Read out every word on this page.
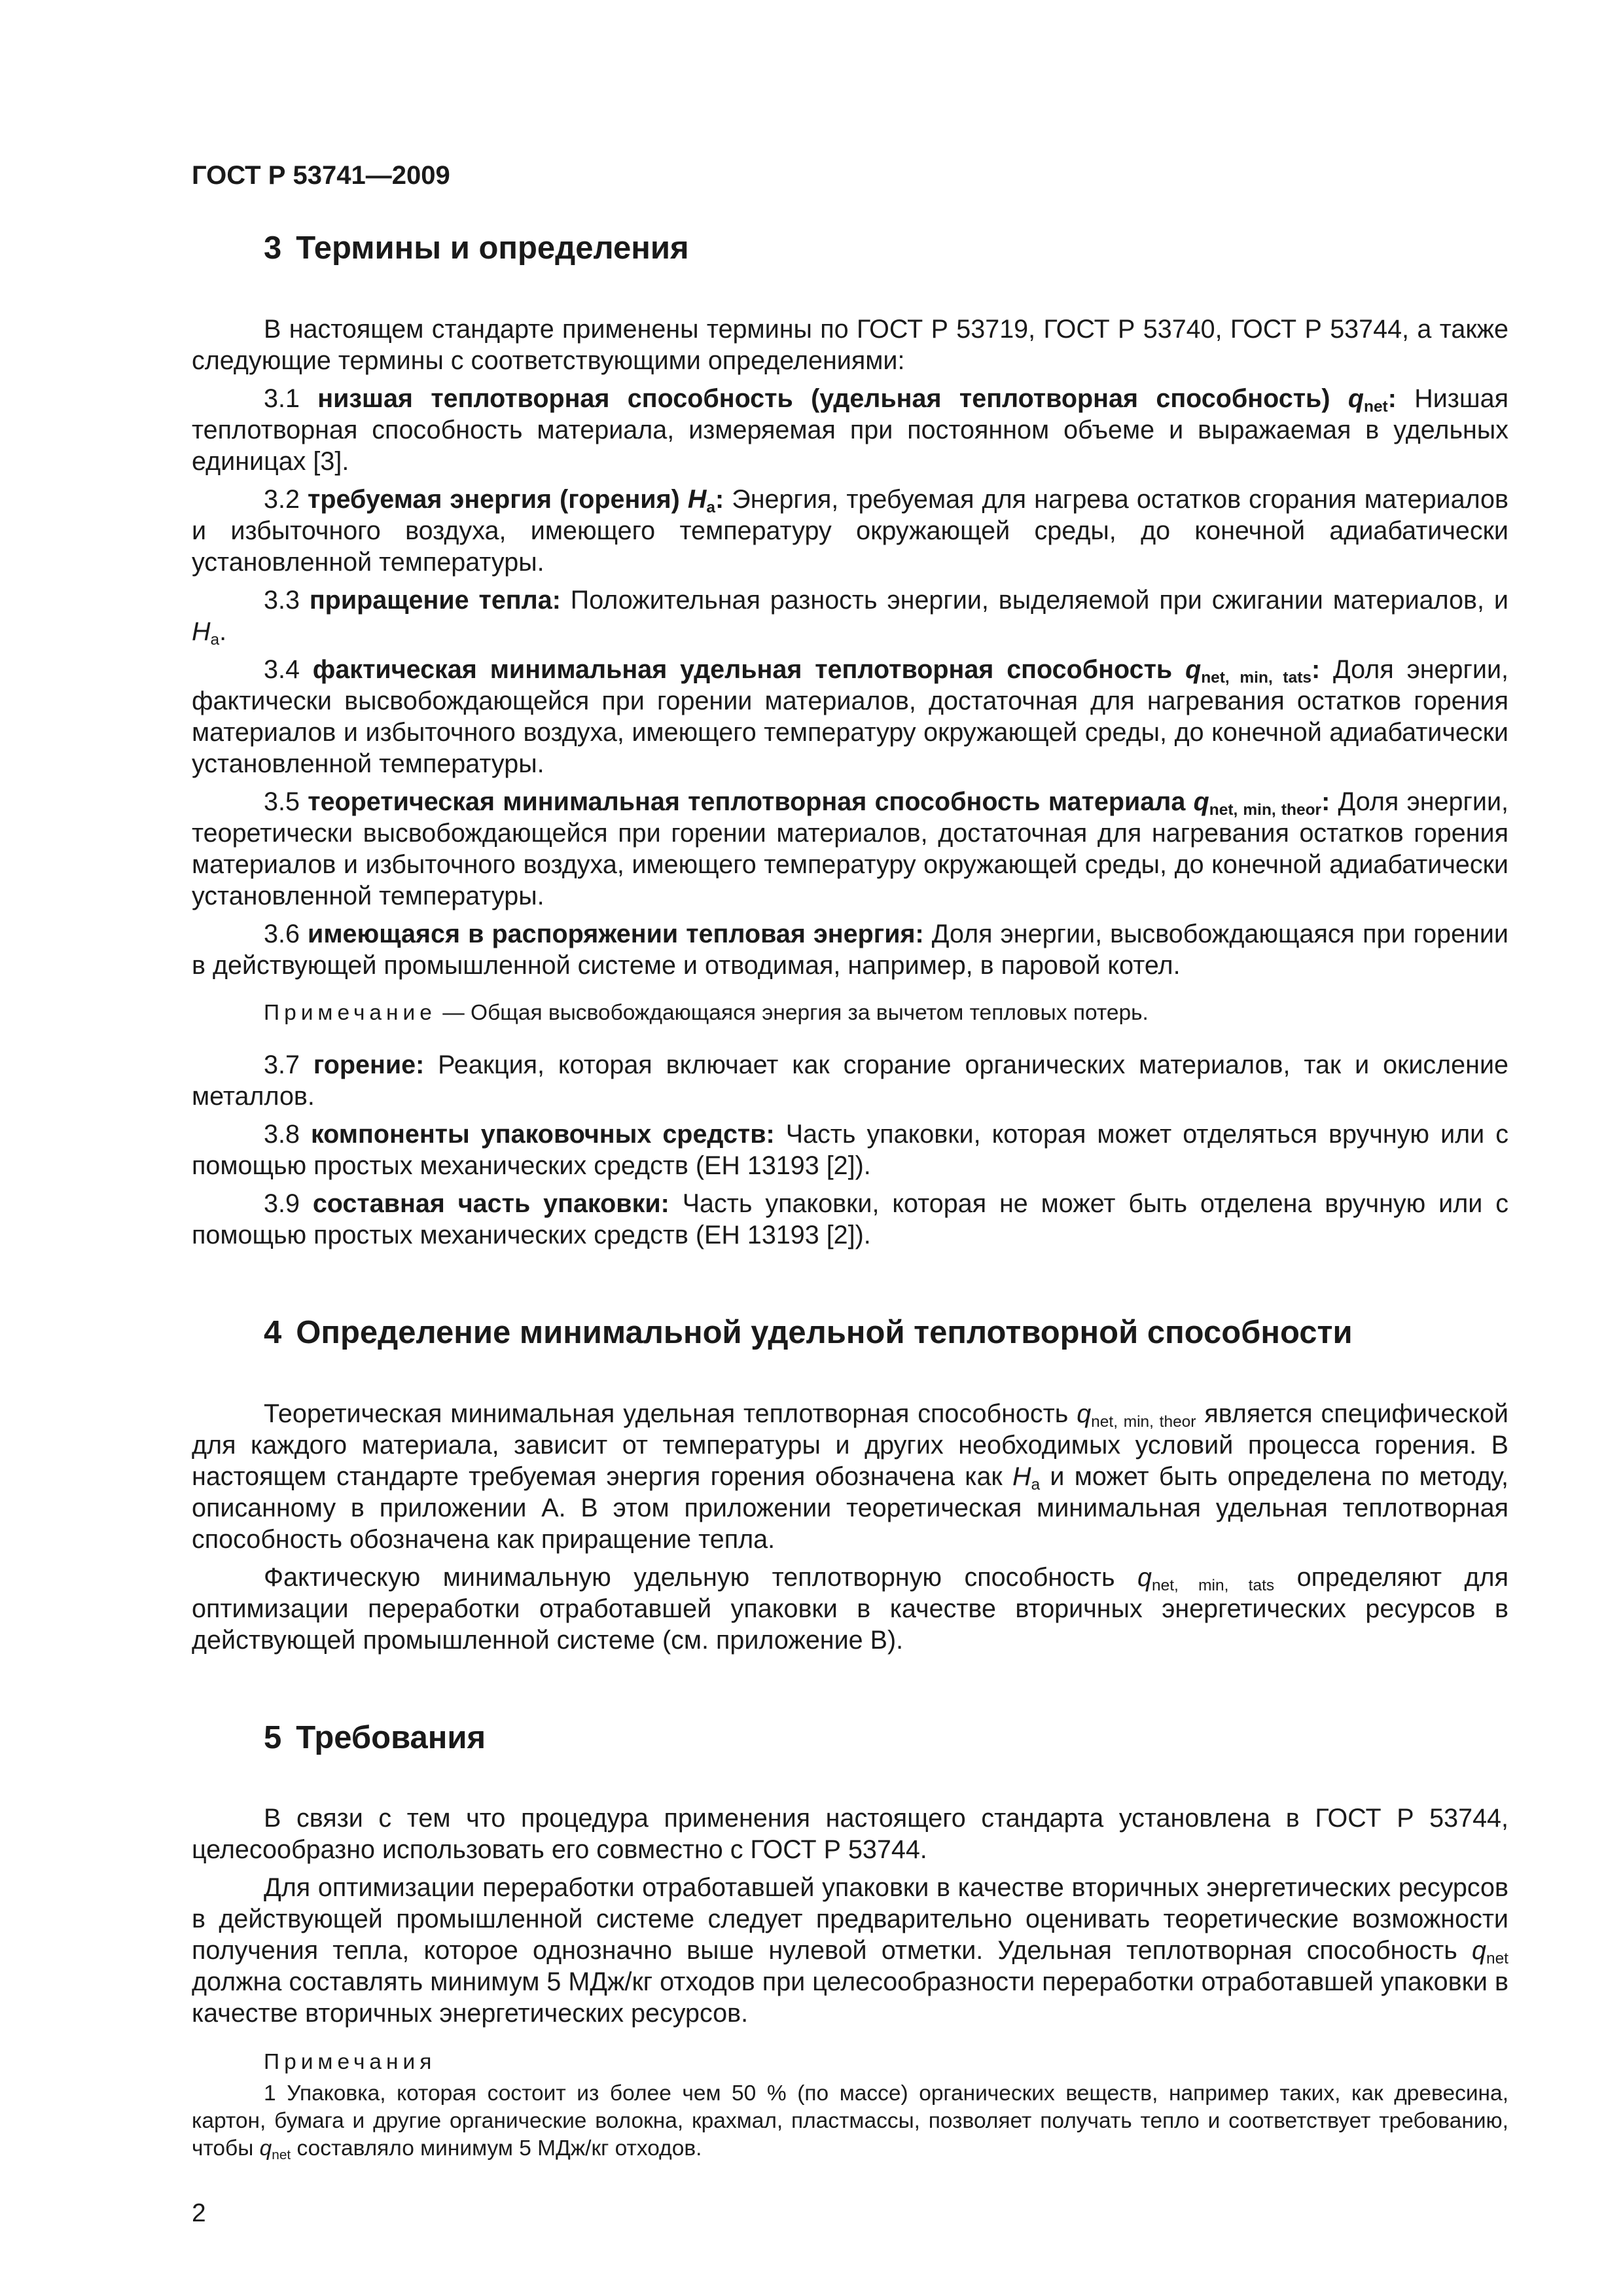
ГОСТ Р 53741—2009

3 Термины и определения

В настоящем стандарте применены термины по ГОСТ Р 53719, ГОСТ Р 53740, ГОСТ Р 53744, а также следующие термины с соответствующими определениями:

3.1 низшая теплотворная способность (удельная теплотворная способность) $q_{net}$: Низшая теплотворная способность материала, измеряемая при постоянном объеме и выражаемая в удельных единицах [3].

3.2 требуемая энергия (горения) $H_a$: Энергия, требуемая для нагрева остатков сгорания материалов и избыточного воздуха, имеющего температуру окружающей среды, до конечной адиабатически установленной температуры.

3.3 приращение тепла: Положительная разность энергии, выделяемой при сжигании материалов, и $H_a$.

3.4 фактическая минимальная удельная теплотворная способность $q_{net, min, tats}$: Доля энергии, фактически высвобождающейся при горении материалов, достаточная для нагревания остатков горения материалов и избыточного воздуха, имеющего температуру окружающей среды, до конечной адиабатически установленной температуры.

3.5 теоретическая минимальная теплотворная способность материала $q_{net, min, theor}$: Доля энергии, теоретически высвобождающейся при горении материалов, достаточная для нагревания остатков горения материалов и избыточного воздуха, имеющего температуру окружающей среды, до конечной адиабатически установленной температуры.

3.6 имеющаяся в распоряжении тепловая энергия: Доля энергии, высвобождающаяся при горении в действующей промышленной системе и отводимая, например, в паровой котел.

Примечание — Общая высвобождающаяся энергия за вычетом тепловых потерь.

3.7 горение: Реакция, которая включает как сгорание органических материалов, так и окисление металлов.

3.8 компоненты упаковочных средств: Часть упаковки, которая может отделяться вручную или с помощью простых механических средств (ЕН 13193 [2]).

3.9 составная часть упаковки: Часть упаковки, которая не может быть отделена вручную или с помощью простых механических средств (ЕН 13193 [2]).

4 Определение минимальной удельной теплотворной способности

Теоретическая минимальная удельная теплотворная способность $q_{net, min, theor}$ является специфической для каждого материала, зависит от температуры и других необходимых условий процесса горения. В настоящем стандарте требуемая энергия горения обозначена как $H_a$ и может быть определена по методу, описанному в приложении А. В этом приложении теоретическая минимальная удельная теплотворная способность обозначена как приращение тепла.

Фактическую минимальную удельную теплотворную способность $q_{net, min, tats}$ определяют для оптимизации переработки отработавшей упаковки в качестве вторичных энергетических ресурсов в действующей промышленной системе (см. приложение В).

5 Требования

В связи с тем что процедура применения настоящего стандарта установлена в ГОСТ Р 53744, целесообразно использовать его совместно с ГОСТ Р 53744.

Для оптимизации переработки отработавшей упаковки в качестве вторичных энергетических ресурсов в действующей промышленной системе следует предварительно оценивать теоретические возможности получения тепла, которое однозначно выше нулевой отметки. Удельная теплотворная способность $q_{net}$ должна составлять минимум 5 МДж/кг отходов при целесообразности переработки отработавшей упаковки в качестве вторичных энергетических ресурсов.

Примечания

1 Упаковка, которая состоит из более чем 50 % (по массе) органических веществ, например таких, как древесина, картон, бумага и другие органические волокна, крахмал, пластмассы, позволяет получать тепло и соответствует требованию, чтобы $q_{net}$ составляло минимум 5 МДж/кг отходов.

2
